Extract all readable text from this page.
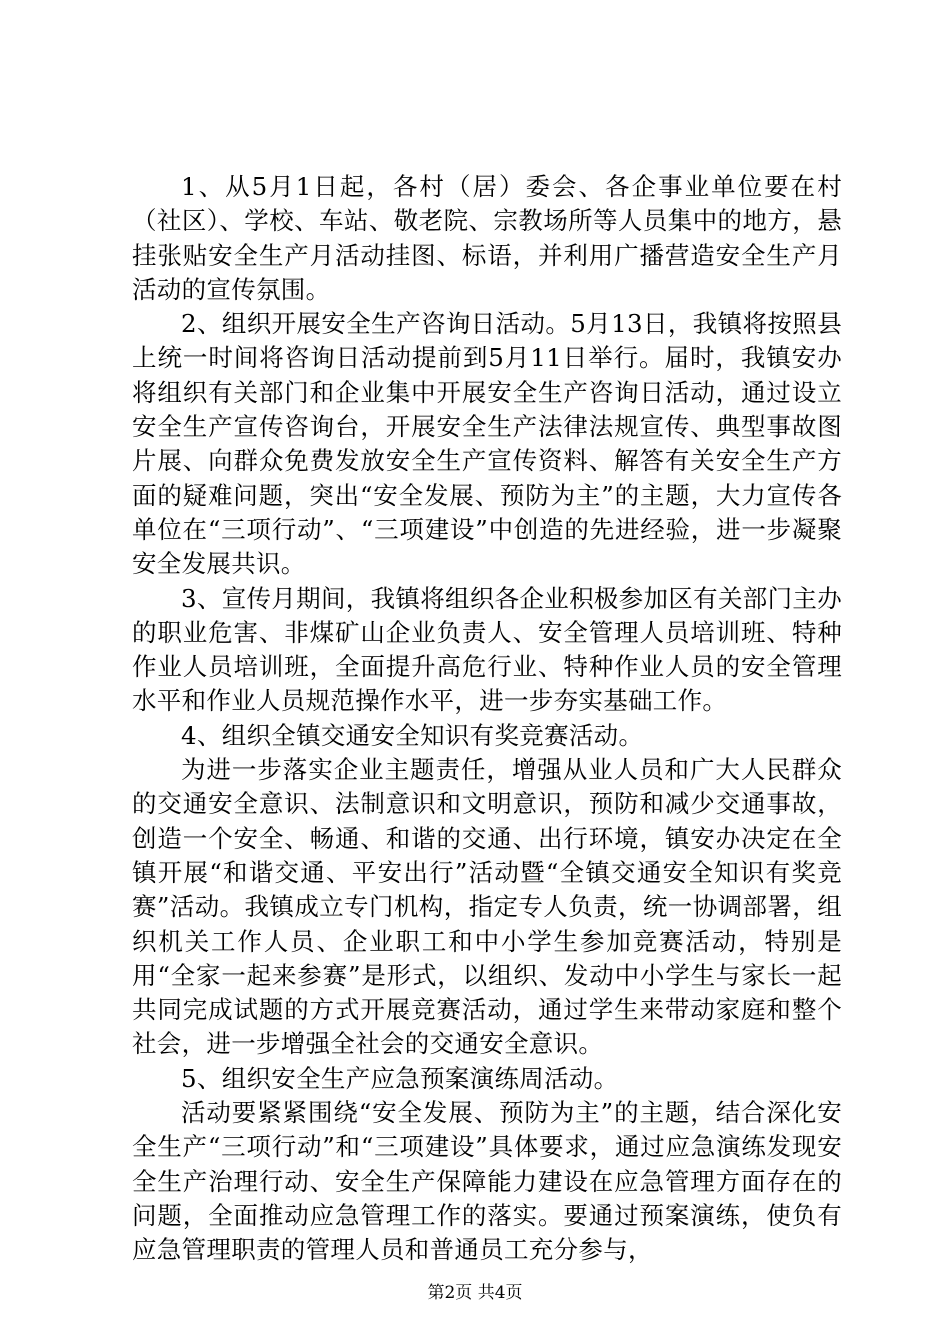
1、从5月1日起，各村（居）委会、各企事业单位要在村（社区）、学校、车站、敬老院、宗教场所等人员集中的地方，悬挂张贴安全生产月活动挂图、标语，并利用广播营造安全生产月活动的宣传氛围。

2、组织开展安全生产咨询日活动。5月13日，我镇将按照县上统一时间将咨询日活动提前到5月11日举行。届时，我镇安办将组织有关部门和企业集中开展安全生产咨询日活动，通过设立安全生产宣传咨询台，开展安全生产法律法规宣传、典型事故图片展、向群众免费发放安全生产宣传资料、解答有关安全生产方面的疑难问题，突出“安全发展、预防为主”的主题，大力宣传各单位在“三项行动”、“三项建设”中创造的先进经验，进一步凝聚安全发展共识。

3、宣传月期间，我镇将组织各企业积极参加区有关部门主办的职业危害、非煤矿山企业负责人、安全管理人员培训班、特种作业人员培训班，全面提升高危行业、特种作业人员的安全管理水平和作业人员规范操作水平，进一步夯实基础工作。

4、组织全镇交通安全知识有奖竞赛活动。

为进一步落实企业主题责任，增强从业人员和广大人民群众的交通安全意识、法制意识和文明意识，预防和减少交通事故，创造一个安全、畅通、和谐的交通、出行环境，镇安办决定在全镇开展“和谐交通、平安出行”活动暨“全镇交通安全知识有奖竞赛”活动。我镇成立专门机构，指定专人负责，统一协调部署，组织机关工作人员、企业职工和中小学生参加竞赛活动，特别是用“全家一起来参赛”是形式，以组织、发动中小学生与家长一起共同完成试题的方式开展竞赛活动，通过学生来带动家庭和整个社会，进一步增强全社会的交通安全意识。

5、组织安全生产应急预案演练周活动。

活动要紧紧围绕“安全发展、预防为主”的主题，结合深化安全生产“三项行动”和“三项建设”具体要求，通过应急演练发现安全生产治理行动、安全生产保障能力建设在应急管理方面存在的问题，全面推动应急管理工作的落实。要通过预案演练，使负有应急管理职责的管理人员和普通员工充分参与，

第2页 共4页
